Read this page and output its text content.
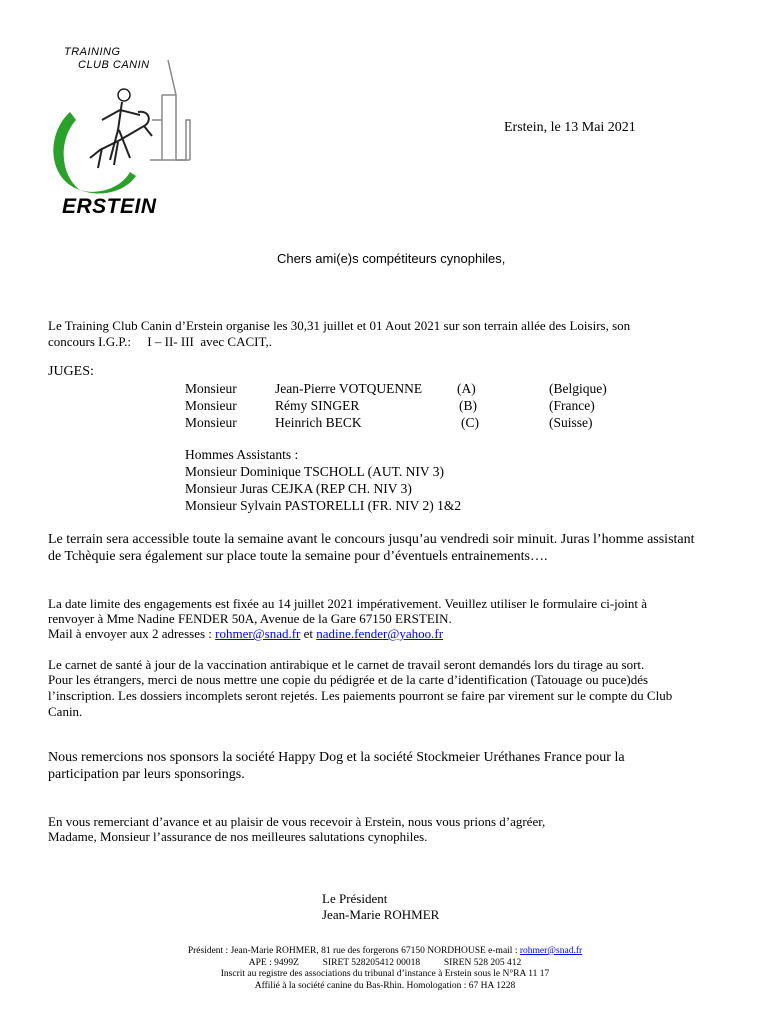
TRAINING
CLUB CANIN
ERSTEIN
Erstein, le 13 Mai 2021
Chers ami(e)s compétiteurs cynophiles,
Le Training Club Canin d’Erstein organise les 30,31 juillet et 01 Aout 2021 sur son terrain allée des Loisirs, son
concours I.G.P.:     I – II- III  avec CACIT,.
JUGES:
Monsieur	Jean-Pierre VOTQUENNE	(A)	(Belgique)
Monsieur	Rémy SINGER	(B)	(France)
Monsieur	Heinrich BECK	(C)	(Suisse)
Hommes Assistants :
Monsieur Dominique TSCHOLL (AUT. NIV 3)
Monsieur Juras CEJKA (REP CH. NIV 3)
Monsieur Sylvain PASTORELLI (FR. NIV 2) 1&2
Le terrain sera accessible toute la semaine avant le concours jusqu’au vendredi soir minuit. Juras l’homme assistant
de Tchèquie sera également sur place toute la semaine pour d’éventuels entrainements….
La date limite des engagements est fixée au 14 juillet 2021 impérativement. Veuillez utiliser le formulaire ci-joint à
renvoyer à Mme Nadine FENDER 50A, Avenue de la Gare 67150 ERSTEIN.
Mail à envoyer aux 2 adresses : rohmer@snad.fr et nadine.fender@yahoo.fr
Le carnet de santé à jour de la vaccination antirabique et le carnet de travail seront demandés lors du tirage au sort.
Pour les étrangers, merci de nous mettre une copie du pédigrée et de la carte d’identification (Tatouage ou puce)dés
l’inscription. Les dossiers incomplets seront rejetés. Les paiements pourront se faire par virement sur le compte du Club
Canin.
Nous remercions nos sponsors la société Happy Dog et la société Stockmeier Uréthanes France pour la
participation par leurs sponsorings.
En vous remerciant d’avance et au plaisir de vous recevoir à Erstein, nous vous prions d’agréer,
Madame, Monsieur l’assurance de nos meilleures salutations cynophiles.
Le Président
Jean-Marie ROHMER
Président : Jean-Marie ROHMER, 81 rue des forgerons 67150 NORDHOUSE e-mail : rohmer@snad.fr
APE : 9499Z          SIRET 528205412 00018          SIREN 528 205 412
Inscrit au registre des associations du tribunal d’instance à Erstein sous le N°RA 11 17
Affilié à la société canine du Bas-Rhin. Homologation : 67 HA 1228
